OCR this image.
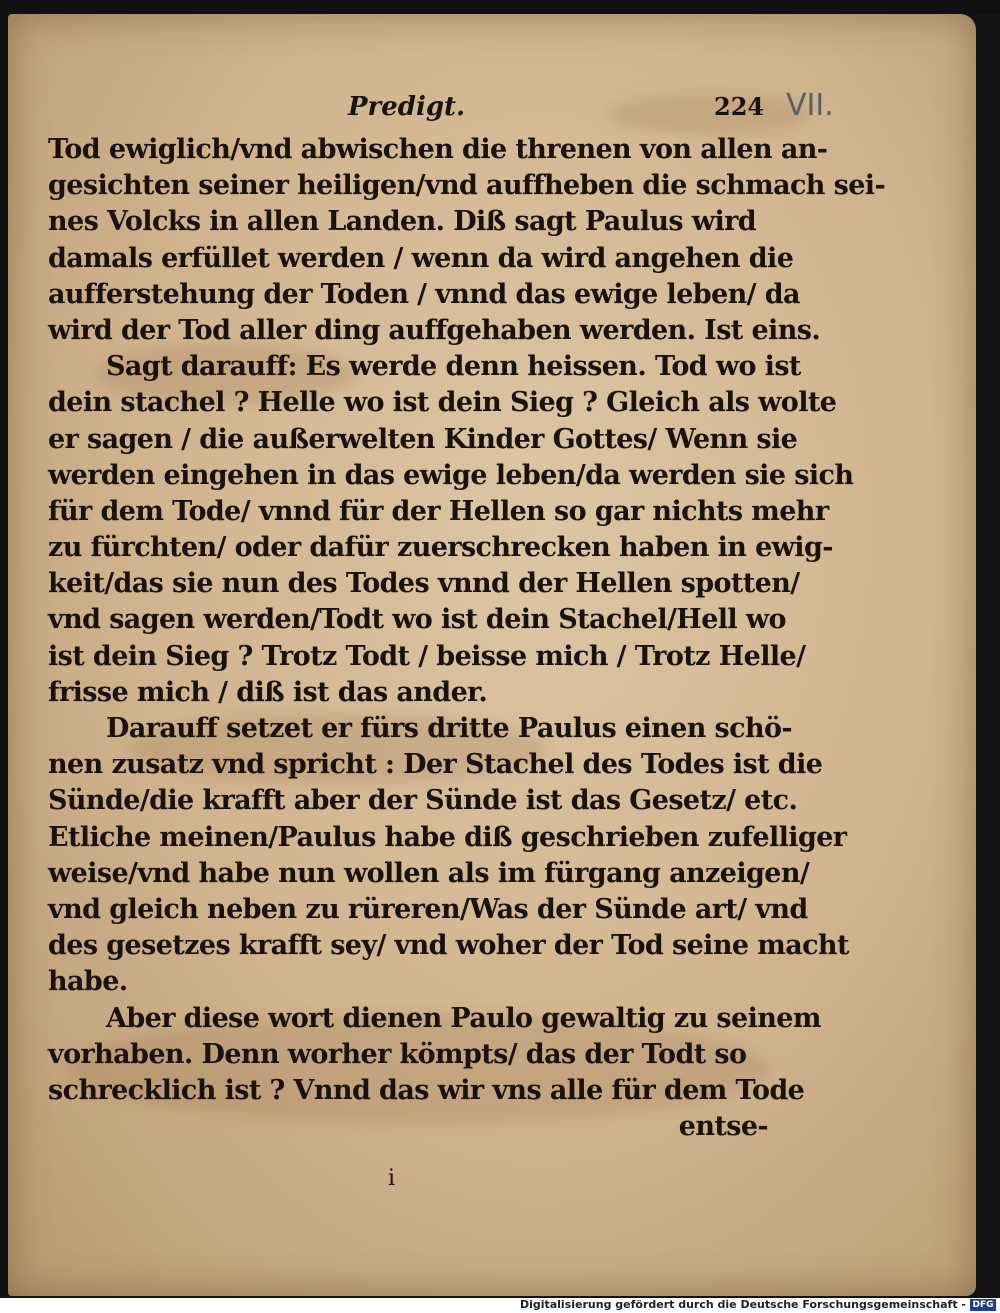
Predigt.	224 VII.
Tod ewiglich/vnd abwischen die threnen von allen an-
gesichten seiner heiligen/vnd auffheben die schmach sei-
nes Volcks in allen Landen. Diß sagt Paulus wird
damals erfüllet werden / wenn da wird angehen die
aufferstehung der Toden / vnnd das ewige leben/ da
wird der Tod aller ding auffgehaben werden. Ist eins.
Sagt darauff: Es werde denn heissen. Tod wo ist
dein stachel ? Helle wo ist dein Sieg ? Gleich als wolte
er sagen / die außerwelten Kinder Gottes/ Wenn sie
werden eingehen in das ewige leben/da werden sie sich
für dem Tode/ vnnd für der Hellen so gar nichts mehr
zu fürchten/ oder dafür zuerschrecken haben in ewig-
keit/das sie nun des Todes vnnd der Hellen spotten/
vnd sagen werden/Todt wo ist dein Stachel/Hell wo
ist dein Sieg ? Trotz Todt / beisse mich / Trotz Helle/
frisse mich / diß ist das ander.
Darauff setzet er fürs dritte Paulus einen schö-
nen zusatz vnd spricht : Der Stachel des Todes ist die
Sünde/die krafft aber der Sünde ist das Gesetz/ etc.
Etliche meinen/Paulus habe diß geschrieben zufelliger
weise/vnd habe nun wollen als im fürgang anzeigen/
vnd gleich neben zu rüreren/Was der Sünde art/ vnd
des gesetzes krafft sey/ vnd woher der Tod seine macht
habe.
Aber diese wort dienen Paulo gewaltig zu seinem
vorhaben. Denn worher kömpts/ das der Todt so
schrecklich ist ? Vnnd das wir vns alle für dem Tode
entse-
i
Digitalisierung gefördert durch die Deutsche Forschungsgemeinschaft - DFG
